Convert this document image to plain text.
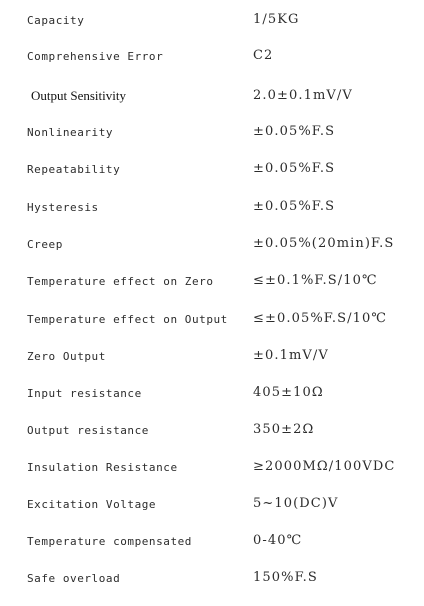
Capacity	1/5KG
Comprehensive Error	C2
Output Sensitivity	2.0±0.1mV/V
Nonlinearity	±0.05%F.S
Repeatability	±0.05%F.S
Hysteresis	±0.05%F.S
Creep	±0.05%(20min)F.S
Temperature effect on Zero	≤±0.1%F.S/10℃
Temperature effect on Output ≤±0.05%F.S/10℃
Zero Output	±0.1mV/V
Input resistance	405±10Ω
Output resistance	350±2Ω
Insulation Resistance	≥2000MΩ/100VDC
Excitation Voltage	5~10(DC)V
Temperature compensated	0-40℃
Safe overload	150%F.S
